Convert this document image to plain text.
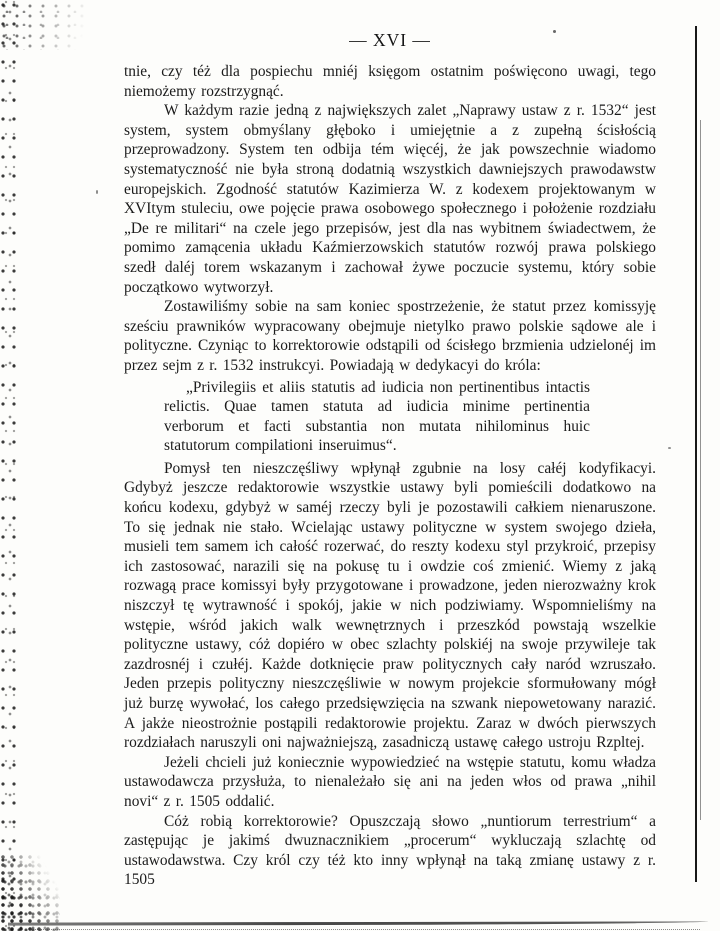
— XVI —

tnie, czy téż dla pospiechu mniéj księgom ostatnim poświęcono uwagi, tego niemożemy rozstrzygnąć.

W każdym razie jedną z największych zalet „Naprawy ustaw z r. 1532“ jest system, system obmyślany głęboko i umiejętnie a z zupełną ścisłością przeprowadzony. System ten odbija tém więcéj, że jak powszechnie wiadomo systematyczność nie była stroną dodatnią wszystkich dawniejszych prawodawstw europejskich. Zgodność statutów Kazimierza W. z kodexem projektowanym w XVItym stuleciu, owe pojęcie prawa osobowego społecznego i położenie rozdziału „De re militari“ na czele jego przepisów, jest dla nas wybitnem świadectwem, że pomimo zamącenia układu Kaźmierzowskich statutów rozwój prawa polskiego szedł daléj torem wskazanym i zachował żywe poczucie systemu, który sobie początkowo wytworzył.

Zostawiliśmy sobie na sam koniec spostrzeżenie, że statut przez komissyję sześciu prawników wypracowany obejmuje nietylko prawo polskie sądowe ale i polityczne. Czyniąc to korrektorowie odstąpili od ścisłego brzmienia udzielonéj im przez sejm z r. 1532 instrukcyi. Powiadają w dedykacyi do króla:

„Privilegiis et aliis statutis ad iudicia non pertinentibus intactis relictis. Quae tamen statuta ad iudicia minime pertinentia verborum et facti substantia non mutata nihilominus huic statutorum compilationi inseruimus“.

Pomysł ten nieszczęśliwy wpłynął zgubnie na losy całéj kodyfikacyi. Gdybyż jeszcze redaktorowie wszystkie ustawy byli pomieścili dodatkowo na końcu kodexu, gdybyż w saméj rzeczy byli je pozostawili całkiem nienaruszone. To się jednak nie stało. Wcielając ustawy polityczne w system swojego dzieła, musieli tem samem ich całość rozerwać, do reszty kodexu styl przykroić, przepisy ich zastosować, narazili się na pokusę tu i owdzie coś zmienić. Wiemy z jaką rozwagą prace komissyi były przygotowane i prowadzone, jeden nierozważny krok niszczył tę wytrawność i spokój, jakie w nich podziwiamy. Wspomnieliśmy na wstępie, wśród jakich walk wewnętrznych i przeszkód powstają wszelkie polityczne ustawy, cóż dopiéro w obec szlachty polskiéj na swoje przywileje tak zazdrosnéj i czułéj. Każde dotknięcie praw politycznych cały naród wzruszało. Jeden przepis polityczny nieszczęśliwie w nowym projekcie sformułowany mógł już burzę wywołać, los całego przedsięwzięcia na szwank niepowetowany narazić. A jakże nieostrożnie postąpili redaktorowie projektu. Zaraz w dwóch pierwszych rozdziałach naruszyli oni najważniejszą, zasadniczą ustawę całego ustroju Rzpltej.

Jeżeli chcieli już koniecznie wypowiedzieć na wstępie statutu, komu władza ustawodawcza przysłuża, to nienależało się ani na jeden włos od prawa „nihil novi“ z r. 1505 oddalić.

Cóż robią korrektorowie? Opuszczają słowo „nuntiorum terrestrium“ a zastępując je jakimś dwuznacznikiem „procerum“ wykluczają szlachtę od ustawodawstwa. Czy król czy téż kto inny wpłynął na taką zmianę ustawy z r. 1505
